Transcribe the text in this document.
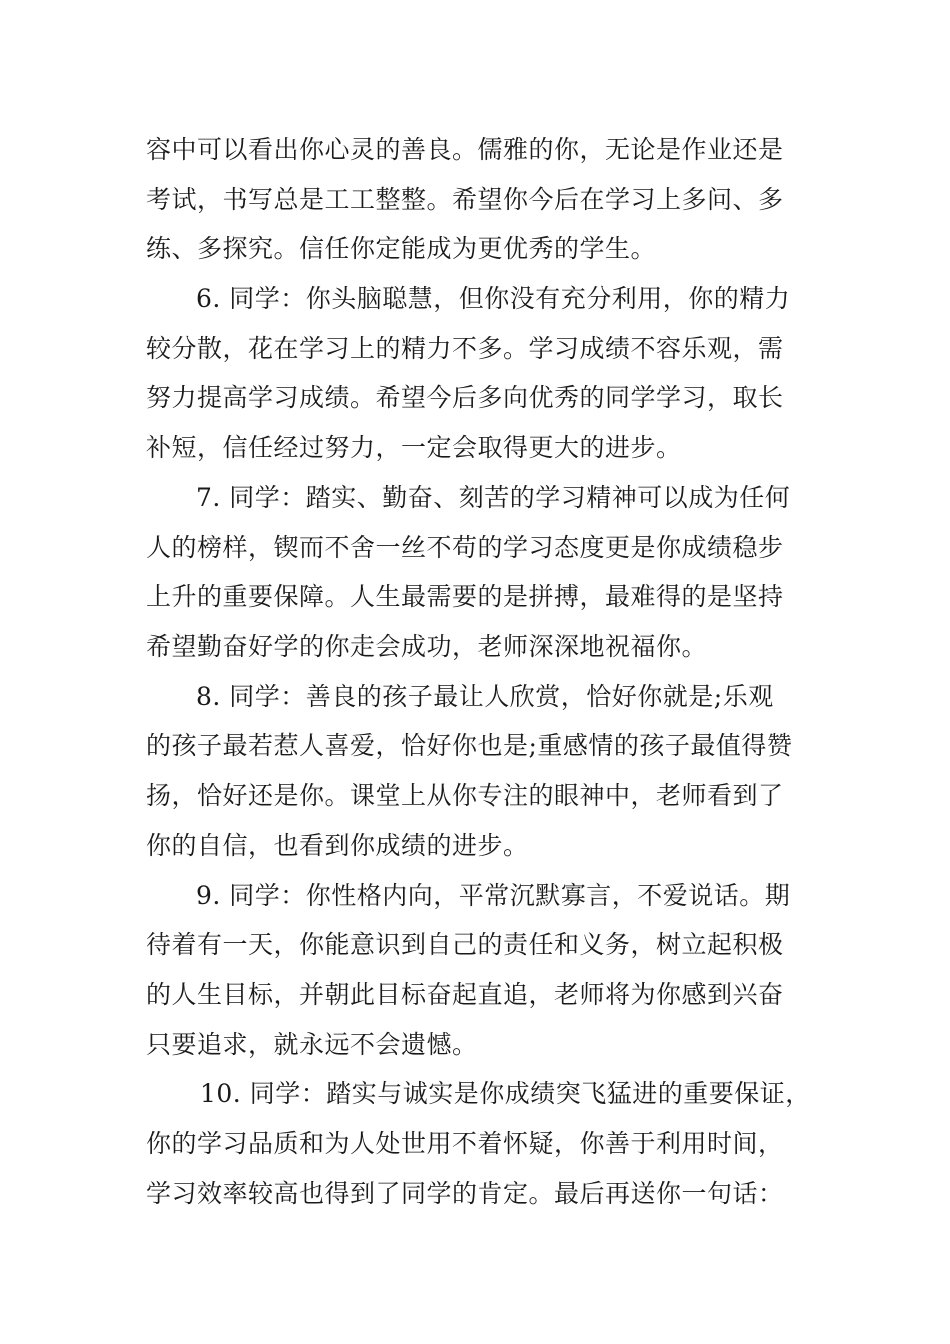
容中可以看出你心灵的善良。儒雅的你，无论是作业还是
考试，书写总是工工整整。希望你今后在学习上多问、多
练、多探究。信任你定能成为更优秀的学生。
6. 同学：你头脑聪慧，但你没有充分利用，你的精力
较分散，花在学习上的精力不多。学习成绩不容乐观，需
努力提高学习成绩。希望今后多向优秀的同学学习，取长
补短，信任经过努力，一定会取得更大的进步。
7. 同学：踏实、勤奋、刻苦的学习精神可以成为任何
人的榜样，锲而不舍一丝不苟的学习态度更是你成绩稳步
上升的重要保障。人生最需要的是拼搏，最难得的是坚持
希望勤奋好学的你走会成功，老师深深地祝福你。
8. 同学：善良的孩子最让人欣赏，恰好你就是;乐观
的孩子最若惹人喜爱，恰好你也是;重感情的孩子最值得赞
扬，恰好还是你。课堂上从你专注的眼神中，老师看到了
你的自信，也看到你成绩的进步。
9. 同学：你性格内向，平常沉默寡言，不爱说话。期
待着有一天，你能意识到自己的责任和义务，树立起积极
的人生目标，并朝此目标奋起直追，老师将为你感到兴奋
只要追求，就永远不会遗憾。
10. 同学：踏实与诚实是你成绩突飞猛进的重要保证，
你的学习品质和为人处世用不着怀疑，你善于利用时间，
学习效率较高也得到了同学的肯定。最后再送你一句话：
